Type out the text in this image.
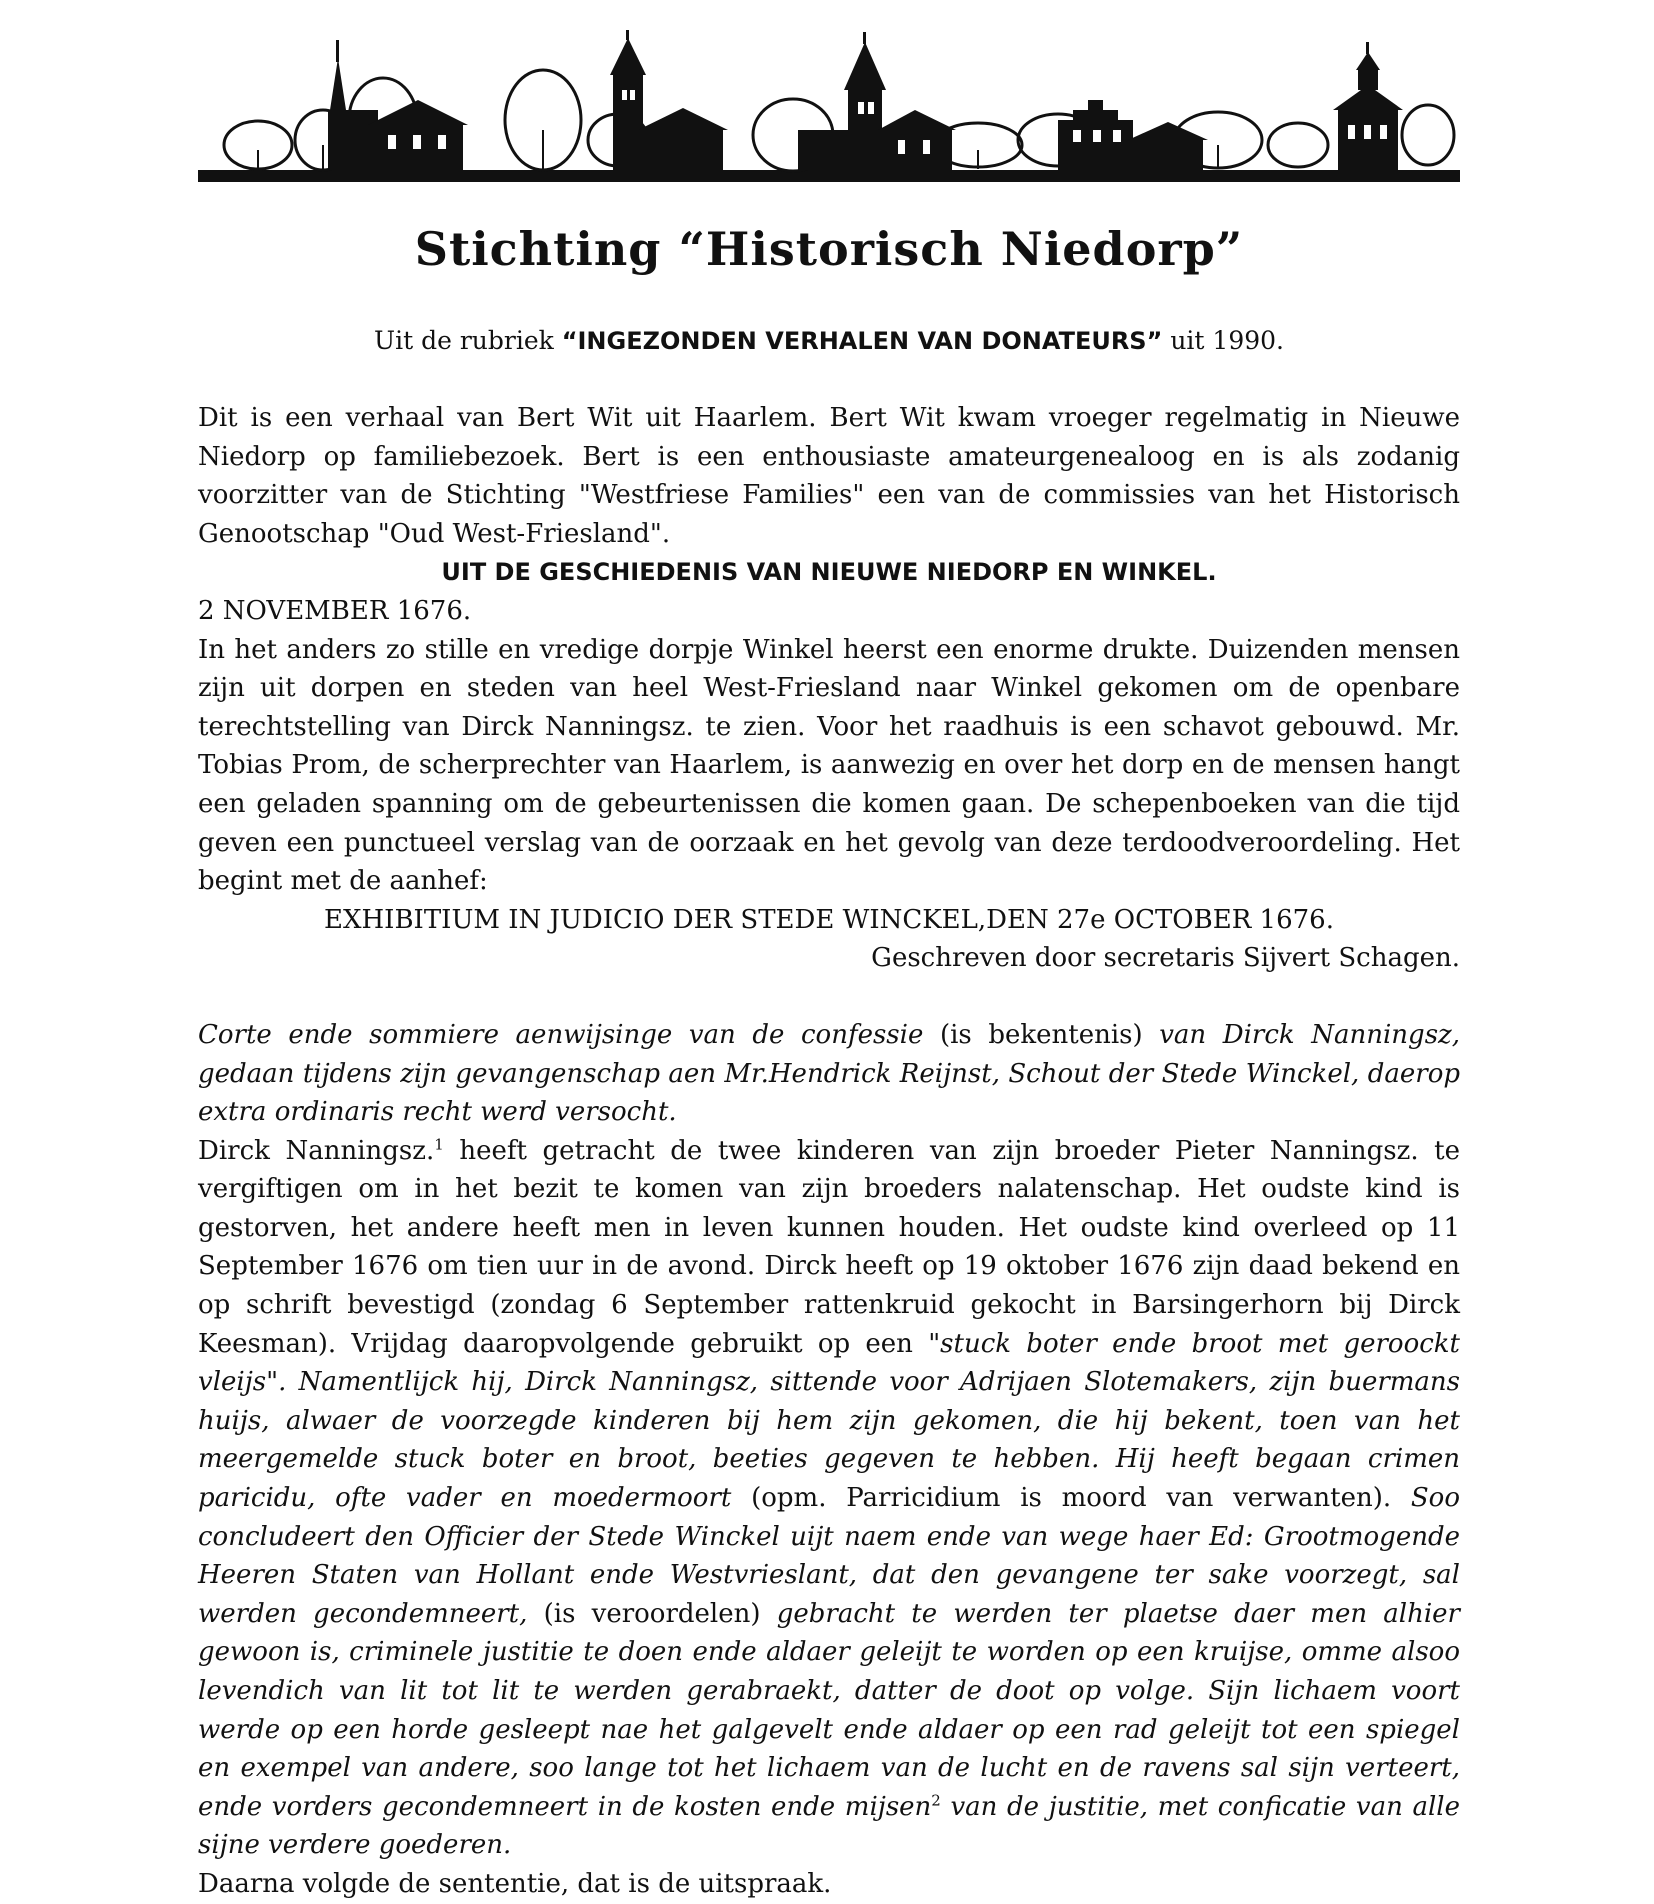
Stichting “Historisch Niedorp”
Uit de rubriek “INGEZONDEN VERHALEN VAN DONATEURS” uit 1990.

Dit is een verhaal van Bert Wit uit Haarlem. Bert Wit kwam vroeger regelmatig in Nieuwe Niedorp op familiebezoek. Bert is een enthousiaste amateurgenealoog en is als zodanig voorzitter van de Stichting "Westfriese Families" een van de commissies van het Historisch Genootschap "Oud West-Friesland".

UIT DE GESCHIEDENIS VAN NIEUWE NIEDORP EN WINKEL.

2 NOVEMBER 1676.

In het anders zo stille en vredige dorpje Winkel heerst een enorme drukte. Duizenden mensen zijn uit dorpen en steden van heel West-Friesland naar Winkel gekomen om de openbare terechtstelling van Dirck Nanningsz. te zien. Voor het raadhuis is een schavot gebouwd. Mr. Tobias Prom, de scherprechter van Haarlem, is aanwezig en over het dorp en de mensen hangt een geladen spanning om de gebeurtenissen die komen gaan. De schepenboeken van die tijd geven een punctueel verslag van de oorzaak en het gevolg van deze terdoodveroordeling. Het begint met de aanhef:

EXHIBITIUM IN JUDICIO DER STEDE WINCKEL,DEN 27e OCTOBER 1676.

Geschreven door secretaris Sijvert Schagen.

Corte ende sommiere aenwijsinge van de confessie (is bekentenis) van Dirck Nanningsz, gedaan tijdens zijn gevangenschap aen Mr.Hendrick Reijnst, Schout der Stede Winckel, daerop extra ordinaris recht werd versocht.

Dirck Nanningsz.$^1$ heeft getracht de twee kinderen van zijn broeder Pieter Nanningsz. te vergiftigen om in het bezit te komen van zijn broeders nalatenschap. Het oudste kind is gestorven, het andere heeft men in leven kunnen houden. Het oudste kind overleed op 11 September 1676 om tien uur in de avond. Dirck heeft op 19 oktober 1676 zijn daad bekend en op schrift bevestigd (zondag 6 September rattenkruid gekocht in Barsingerhorn bij Dirck Keesman). Vrijdag daaropvolgende gebruikt op een "stuck boter ende broot met geroockt vleijs". Namentlijck hij, Dirck Nanningsz, sittende voor Adrijaen Slotemakers, zijn buermans huijs, alwaer de voorzegde kinderen bij hem zijn gekomen, die hij bekent, toen van het meergemelde stuck boter en broot, beeties gegeven te hebben. Hij heeft begaan crimen paricidu, ofte vader en moedermoort (opm. Parricidium is moord van verwanten). Soo concludeert den Officier der Stede Winckel uijt naem ende van wege haer Ed: Grootmogende Heeren Staten van Hollant ende Westvrieslant, dat den gevangene ter sake voorzegt, sal werden gecondemneert, (is veroordelen) gebracht te werden ter plaetse daer men alhier gewoon is, criminele justitie te doen ende aldaer geleijt te worden op een kruijse, omme alsoo levendich van lit tot lit te werden gerabraekt, datter de doot op volge. Sijn lichaem voort werde op een horde gesleept nae het galgevelt ende aldaer op een rad geleijt tot een spiegel en exempel van andere, soo lange tot het lichaem van de lucht en de ravens sal sijn verteert, ende vorders gecondemneert in de kosten ende mijsen$^2$ van de justitie, met conficatie van alle sijne verdere goederen.

Daarna volgde de sententie, dat is de uitspraak.
